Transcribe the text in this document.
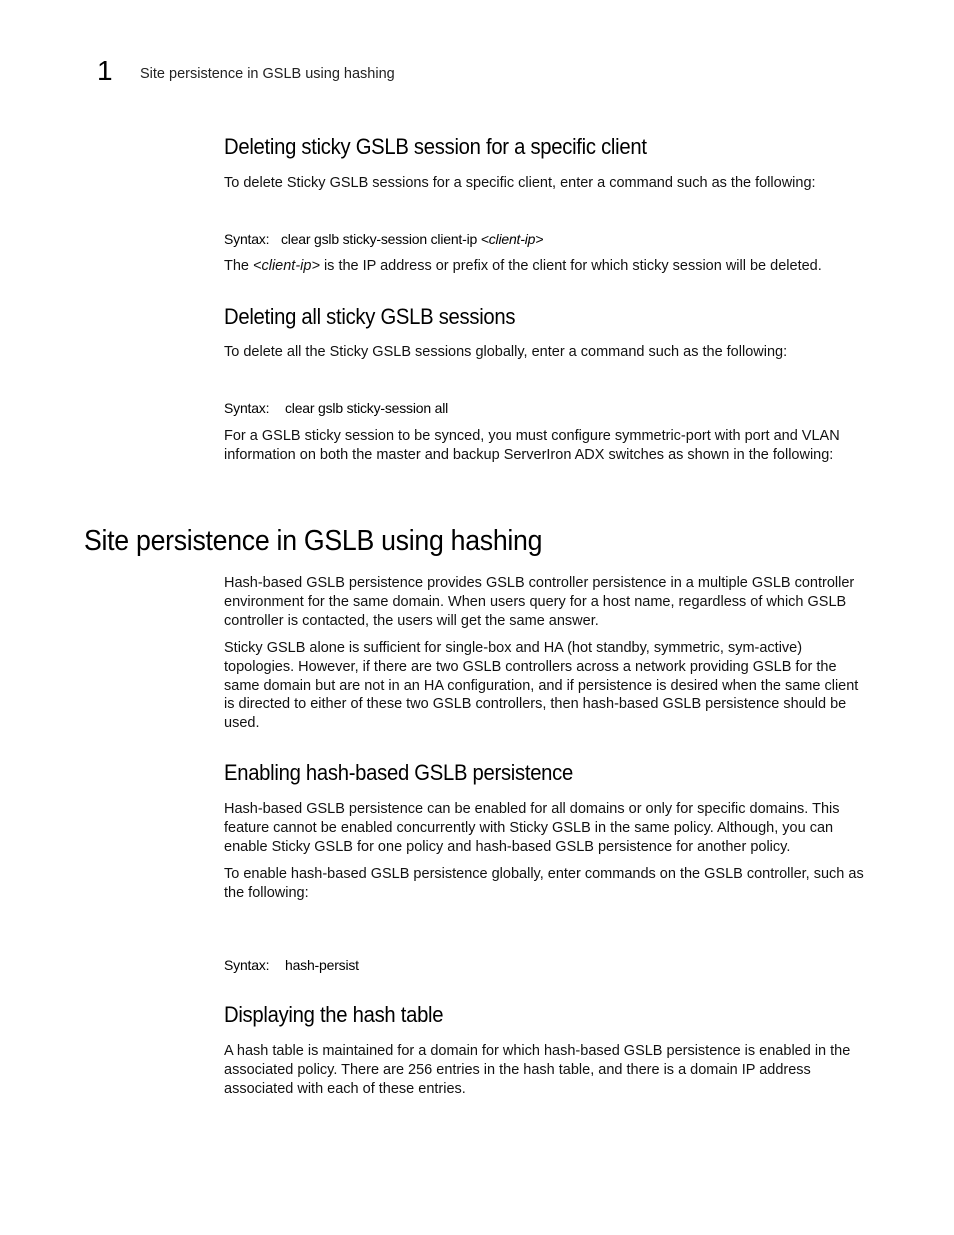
1 Site persistence in GSLB using hashing
Deleting sticky GSLB session for a specific client

To delete Sticky GSLB sessions for a specific client, enter a command such as the following:

Syntax: clear gslb sticky-session client-ip <client-ip>

The <client-ip> is the IP address or prefix of the client for which sticky session will be deleted.

Deleting all sticky GSLB sessions

To delete all the Sticky GSLB sessions globally, enter a command such as the following:

Syntax: clear gslb sticky-session all

For a GSLB sticky session to be synced, you must configure symmetric-port with port and VLAN information on both the master and backup ServerIron ADX switches as shown in the following:

Site persistence in GSLB using hashing

Hash-based GSLB persistence provides GSLB controller persistence in a multiple GSLB controller environment for the same domain. When users query for a host name, regardless of which GSLB controller is contacted, the users will get the same answer.

Sticky GSLB alone is sufficient for single-box and HA (hot standby, symmetric, sym-active) topologies. However, if there are two GSLB controllers across a network providing GSLB for the same domain but are not in an HA configuration, and if persistence is desired when the same client is directed to either of these two GSLB controllers, then hash-based GSLB persistence should be used.

Enabling hash-based GSLB persistence

Hash-based GSLB persistence can be enabled for all domains or only for specific domains. This feature cannot be enabled concurrently with Sticky GSLB in the same policy. Although, you can enable Sticky GSLB for one policy and hash-based GSLB persistence for another policy.

To enable hash-based GSLB persistence globally, enter commands on the GSLB controller, such as the following:

Syntax: hash-persist

Displaying the hash table

A hash table is maintained for a domain for which hash-based GSLB persistence is enabled in the associated policy. There are 256 entries in the hash table, and there is a domain IP address associated with each of these entries.
